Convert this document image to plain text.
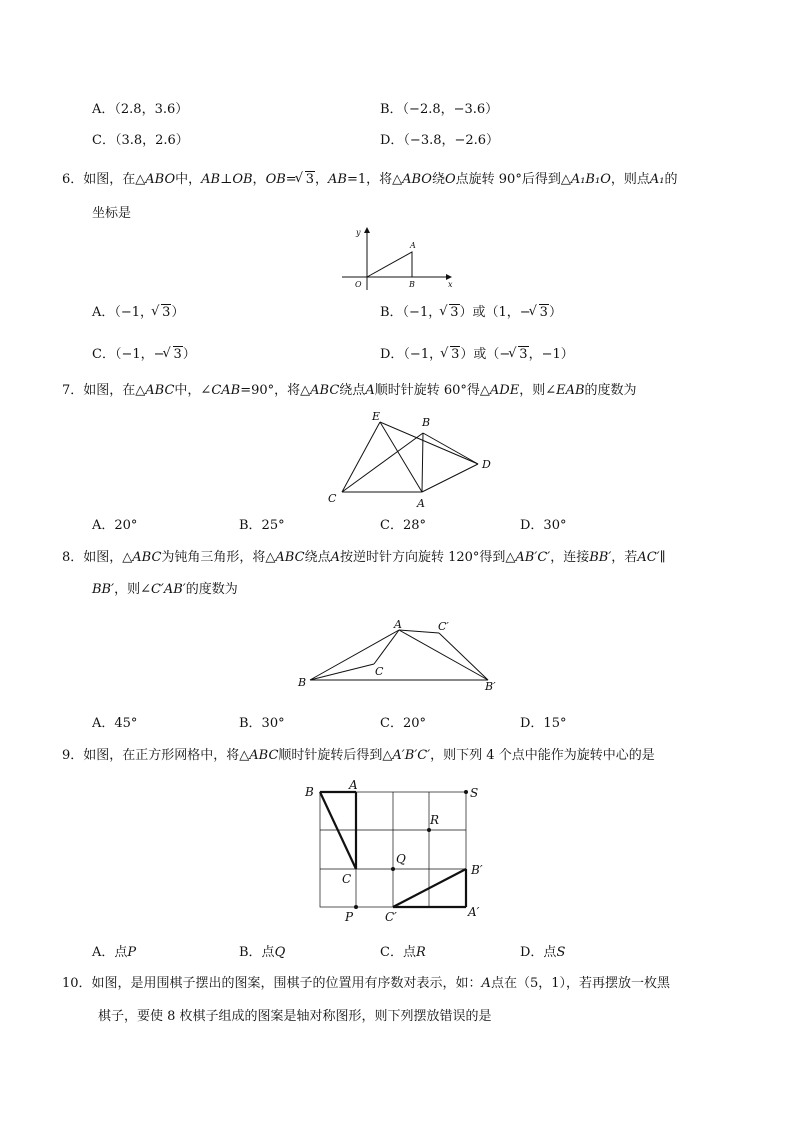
A．（2.8，3.6）	B．（−2.8，−3.6）
C．（3.8，2.6）	D．（−3.8，−2.6）
6．如图，在△ABO中，AB⊥OB，OB= √ 3，AB=1，将△ABO绕O点旋转 90°后得到△A₁B₁O，则点A₁的
坐标是
y
A
O	B	x
A．（−1， √ 3）	B．（−1， √ 3）或（1，− √ 3）
C．（−1，− √ 3）	D．（−1， √ 3）或（− √ 3，−1）
7．如图，在△ABC中，∠CAB=90°，将△ABC绕点A顺时针旋转 60°得△ADE，则∠EAB的度数为
E	B
D
C	A
A．20°	B．25°	C．28°	D．30°
8．如图，△ABC为钝角三角形，将△ABC绕点A按逆时针方向旋转 120°得到△AB′C′，连接BB′，若AC′∥
BB′，则∠C′AB′的度数为
A	C′
B
C
B′
A．45°	B．30°	C．20°	D．15°
9．如图，在正方形网格中，将△ABC顺时针旋转后得到△A′B′C′，则下列 4 个点中能作为旋转中心的是
B	A
S
R
Q
C
B′
P	C′	A′
A．点P	B．点Q	C．点R	D．点S
10．如图，是用围棋子摆出的图案，围棋子的位置用有序数对表示，如：A点在（5，1），若再摆放一枚黑
棋子，要使 8 枚棋子组成的图案是轴对称图形，则下列摆放错误的是
